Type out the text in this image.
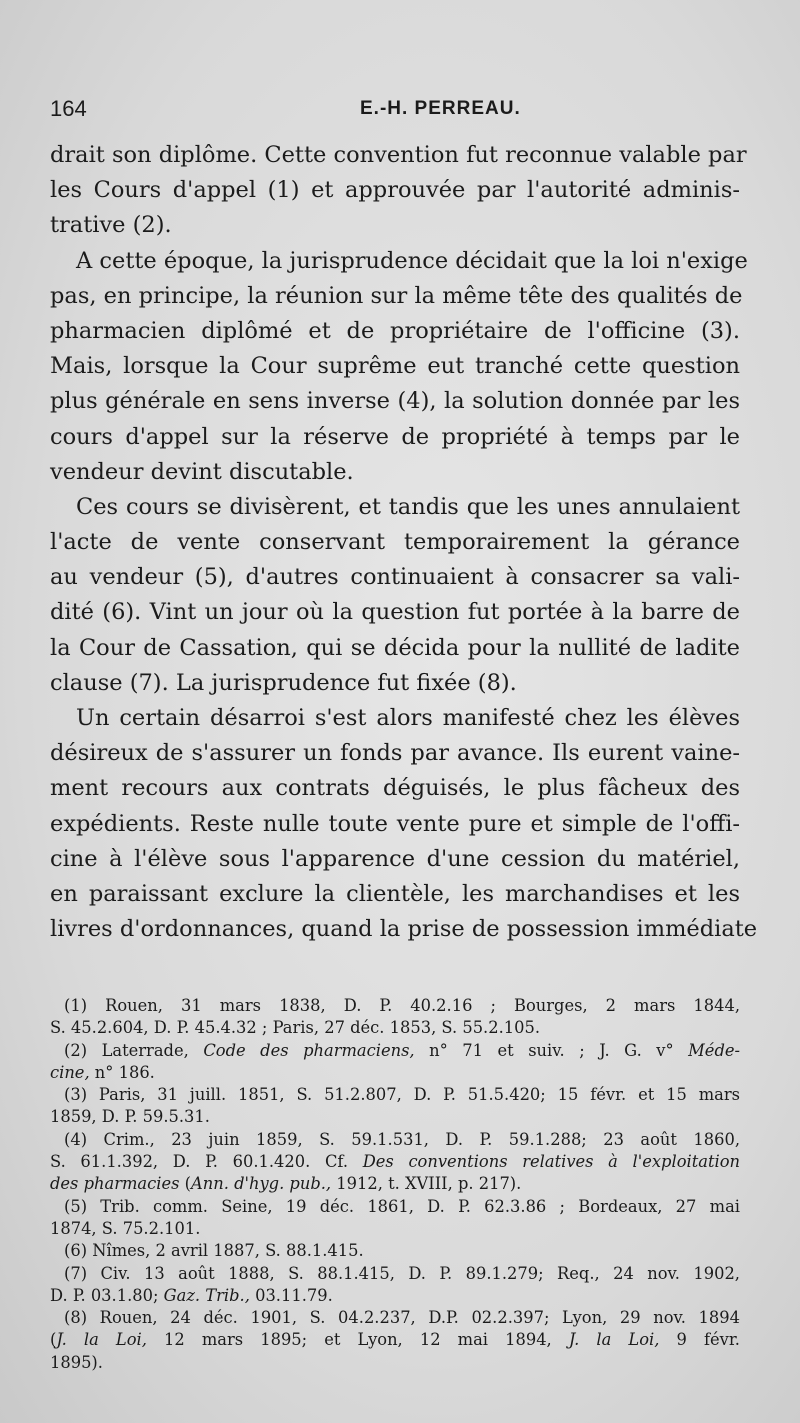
164	E.-H. PERREAU.
drait son diplôme. Cette convention fut reconnue valable par
les Cours d'appel (1) et approuvée par l'autorité adminis-
trative (2).
A cette époque, la jurisprudence décidait que la loi n'exige
pas, en principe, la réunion sur la même tête des qualités de
pharmacien diplômé et de propriétaire de l'officine (3).
Mais, lorsque la Cour suprême eut tranché cette question
plus générale en sens inverse (4), la solution donnée par les
cours d'appel sur la réserve de propriété à temps par le
vendeur devint discutable.
Ces cours se divisèrent, et tandis que les unes annulaient
l'acte de vente conservant temporairement la gérance
au vendeur (5), d'autres continuaient à consacrer sa vali-
dité (6). Vint un jour où la question fut portée à la barre de
la Cour de Cassation, qui se décida pour la nullité de ladite
clause (7). La jurisprudence fut fixée (8).
Un certain désarroi s'est alors manifesté chez les élèves
désireux de s'assurer un fonds par avance. Ils eurent vaine-
ment recours aux contrats déguisés, le plus fâcheux des
expédients. Reste nulle toute vente pure et simple de l'offi-
cine à l'élève sous l'apparence d'une cession du matériel,
en paraissant exclure la clientèle, les marchandises et les
livres d'ordonnances, quand la prise de possession immédiate
(1) Rouen, 31 mars 1838, D. P. 40.2.16 ; Bourges, 2 mars 1844,
S. 45.2.604, D. P. 45.4.32 ; Paris, 27 déc. 1853, S. 55.2.105.
(2) Laterrade, Code des pharmaciens, n° 71 et suiv. ; J. G. v° Méde-
cine, n° 186.
(3) Paris, 31 juill. 1851, S. 51.2.807, D. P. 51.5.420; 15 févr. et 15 mars
1859, D. P. 59.5.31.
(4) Crim., 23 juin 1859, S. 59.1.531, D. P. 59.1.288; 23 août 1860,
S. 61.1.392, D. P. 60.1.420. Cf. Des conventions relatives à l'exploitation
des pharmacies (Ann. d'hyg. pub., 1912, t. XVIII, p. 217).
(5) Trib. comm. Seine, 19 déc. 1861, D. P. 62.3.86 ; Bordeaux, 27 mai
1874, S. 75.2.101.
(6) Nîmes, 2 avril 1887, S. 88.1.415.
(7) Civ. 13 août 1888, S. 88.1.415, D. P. 89.1.279; Req., 24 nov. 1902,
D. P. 03.1.80; Gaz. Trib., 03.11.79.
(8) Rouen, 24 déc. 1901, S. 04.2.237, D.P. 02.2.397; Lyon, 29 nov. 1894
(J. la Loi, 12 mars 1895; et Lyon, 12 mai 1894, J. la Loi, 9 févr.
1895).
